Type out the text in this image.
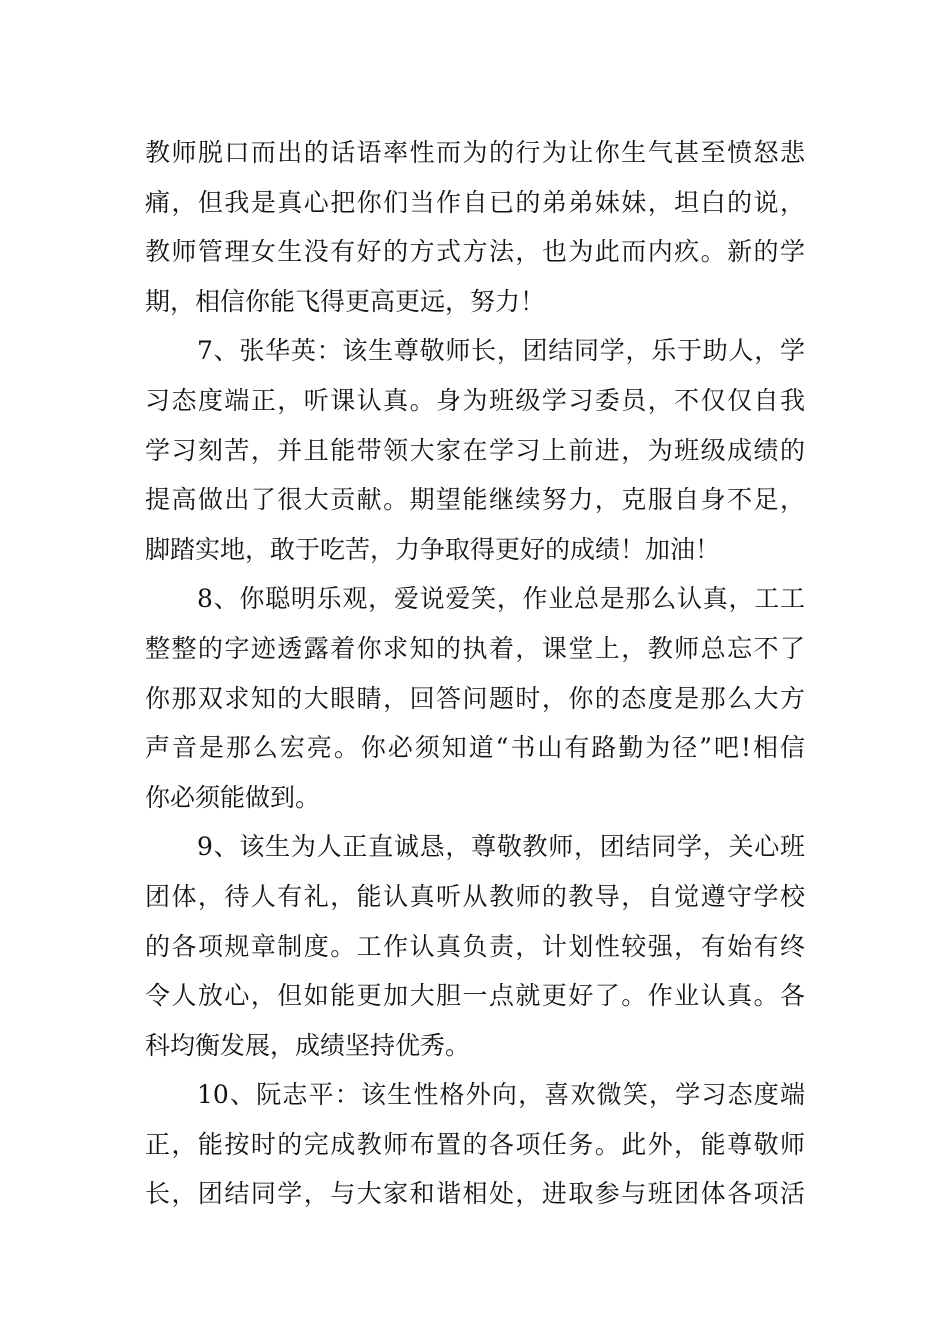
教师脱口而出的话语率性而为的行为让你生气甚至愤怒悲
痛，但我是真心把你们当作自已的弟弟妹妹，坦白的说，
教师管理女生没有好的方式方法，也为此而内疚。新的学
期，相信你能飞得更高更远，努力！
7、张华英：该生尊敬师长，团结同学，乐于助人，学
习态度端正，听课认真。身为班级学习委员，不仅仅自我
学习刻苦，并且能带领大家在学习上前进，为班级成绩的
提高做出了很大贡献。期望能继续努力，克服自身不足，
脚踏实地，敢于吃苦，力争取得更好的成绩！加油！
8、你聪明乐观，爱说爱笑，作业总是那么认真，工工
整整的字迹透露着你求知的执着，课堂上，教师总忘不了
你那双求知的大眼睛，回答问题时，你的态度是那么大方
声音是那么宏亮。你必须知道“书山有路勤为径”吧!相信
你必须能做到。
9、该生为人正直诚恳，尊敬教师，团结同学，关心班
团体，待人有礼，能认真听从教师的教导，自觉遵守学校
的各项规章制度。工作认真负责，计划性较强，有始有终
令人放心，但如能更加大胆一点就更好了。作业认真。各
科均衡发展，成绩坚持优秀。
10、阮志平：该生性格外向，喜欢微笑，学习态度端
正，能按时的完成教师布置的各项任务。此外，能尊敬师
长，团结同学，与大家和谐相处，进取参与班团体各项活
